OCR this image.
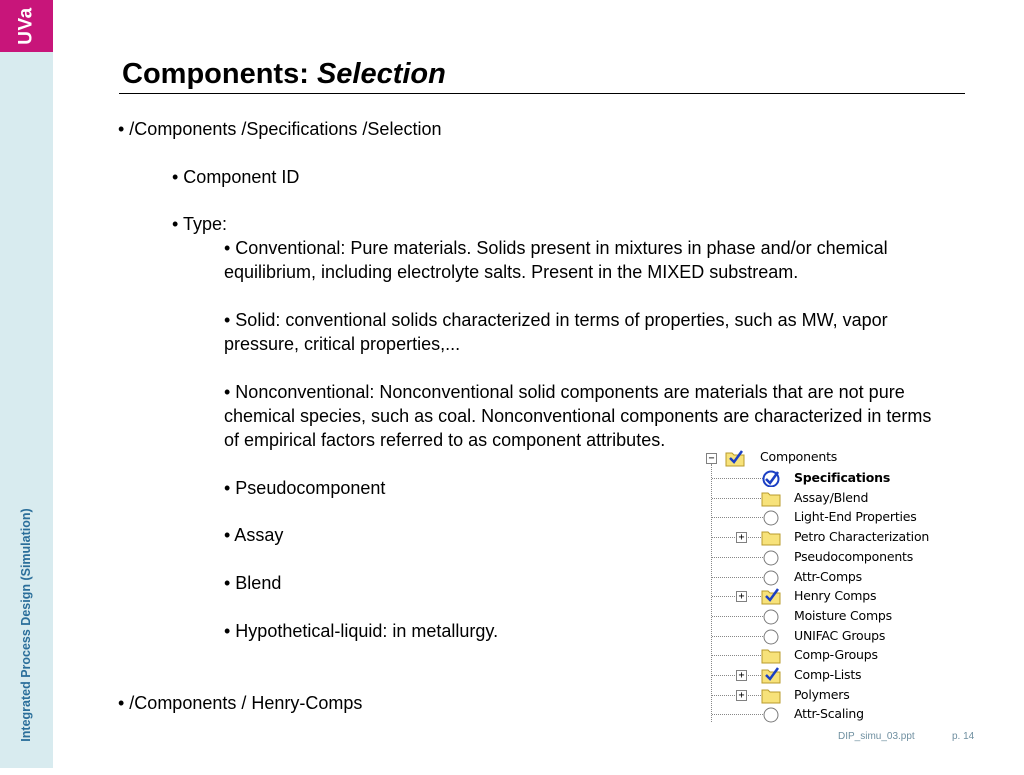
UVa
Integrated Process Design (Simulation)
Components: Selection
• /Components /Specifications /Selection
• Component ID
• Type:
• Conventional: Pure materials. Solids present in mixtures in phase and/or chemical equilibrium, including electrolyte salts. Present in the MIXED substream.
• Solid: conventional solids characterized in terms of properties, such as MW, vapor pressure, critical properties,...
• Nonconventional: Nonconventional solid components are materials that are not pure chemical species, such as coal. Nonconventional components are characterized in terms of empirical factors referred to as component attributes.
• Pseudocomponent
• Assay
• Blend
• Hypothetical-liquid: in metallurgy.
• /Components / Henry-Comps
−	Components
Specifications
Assay/Blend
Light-End Properties
+	Petro Characterization
Pseudocomponents
Attr-Comps
+	Henry Comps
Moisture Comps
UNIFAC Groups
Comp-Groups
+	Comp-Lists
+	Polymers
Attr-Scaling
DIP_simu_03.ppt	p. 14
